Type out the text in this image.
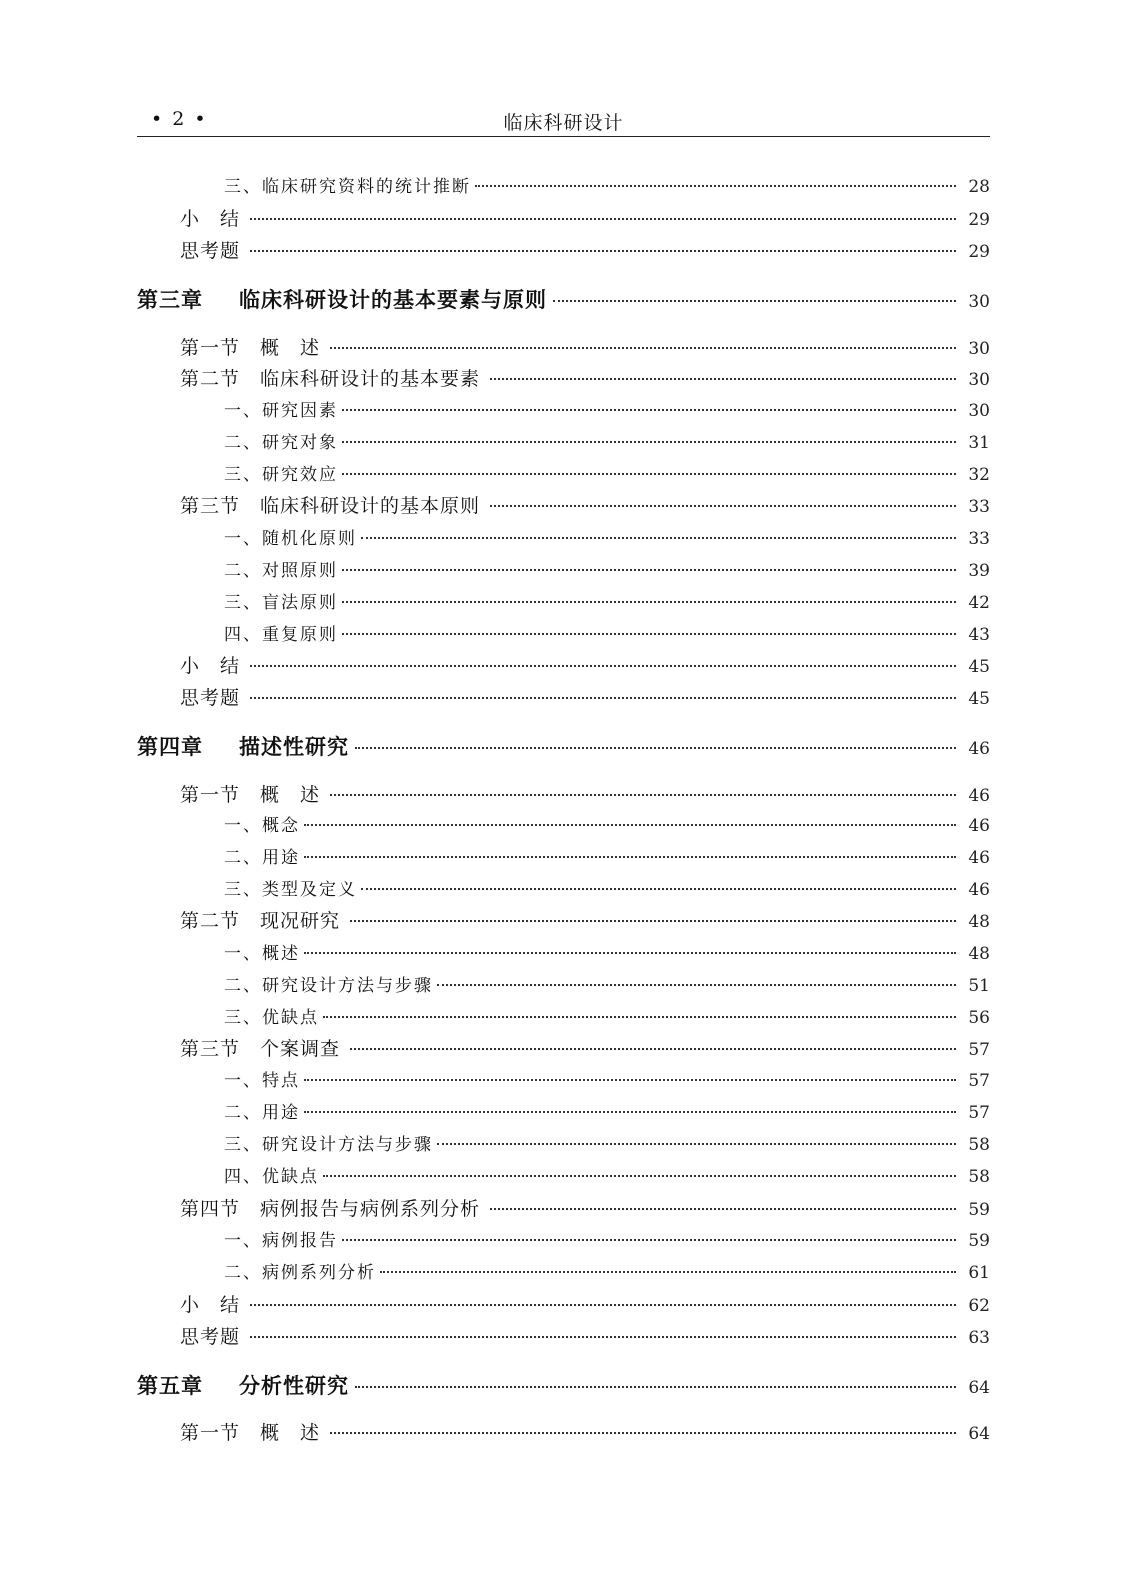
• 2 •	临床科研设计
三、临床研究资料的统计推断	28
小　结	29
思考题	29
第三章 临床科研设计的基本要素与原则	30
第一节 概　述	30
第二节 临床科研设计的基本要素	30
一、研究因素	30
二、研究对象	31
三、研究效应	32
第三节 临床科研设计的基本原则	33
一、随机化原则	33
二、对照原则	39
三、盲法原则	42
四、重复原则	43
小　结	45
思考题	45
第四章 描述性研究	46
第一节 概　述	46
一、概念	46
二、用途	46
三、类型及定义	46
第二节 现况研究	48
一、概述	48
二、研究设计方法与步骤	51
三、优缺点	56
第三节 个案调查	57
一、特点	57
二、用途	57
三、研究设计方法与步骤	58
四、优缺点	58
第四节 病例报告与病例系列分析	59
一、病例报告	59
二、病例系列分析	61
小　结	62
思考题	63
第五章 分析性研究	64
第一节 概　述	64
